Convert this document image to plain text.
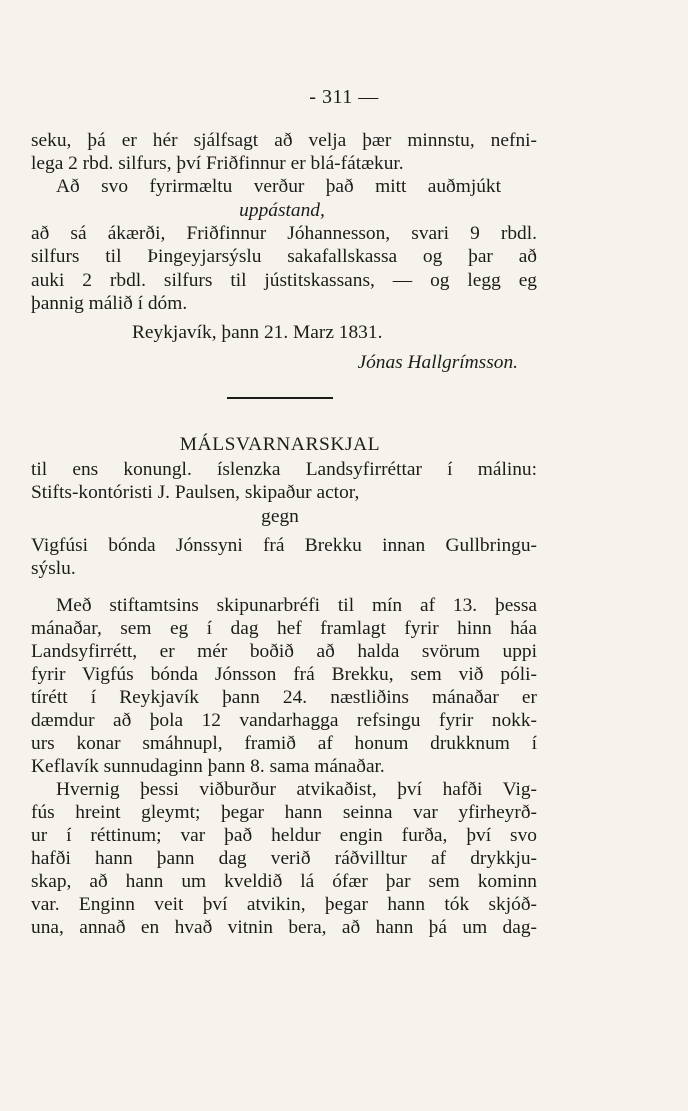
- 311 —
seku, þá er hér sjálfsagt að velja þær minnstu, nefni-
lega 2 rbd. silfurs, því Friðfinnur er blá-fátækur.
Að svo fyrirmæltu verður það mitt auðmjúkt
uppástand,
að sá ákærði, Friðfinnur Jóhannesson, svari 9 rbdl.
silfurs til Þingeyjarsýslu sakafallskassa og þar að
auki 2 rbdl. silfurs til jústitskassans, — og legg eg
þannig málið í dóm.
Reykjavík, þann 21. Marz 1831.
Jónas Hallgrímsson.
MÁLSVARNARSKJAL
til ens konungl. íslenzka Landsyfirréttar í málinu:
Stifts-kontóristi J. Paulsen, skipaður actor,
gegn
Vigfúsi bónda Jónssyni frá Brekku innan Gullbringu-
sýslu.
Með stiftamtsins skipunarbréfi til mín af 13. þessa
mánaðar, sem eg í dag hef framlagt fyrir hinn háa
Landsyfirrétt, er mér boðið að halda svörum uppi
fyrir Vigfús bónda Jónsson frá Brekku, sem við póli-
tírétt í Reykjavík þann 24. næstliðins mánaðar er
dæmdur að þola 12 vandarhagga refsingu fyrir nokk-
urs konar smáhnupl, framið af honum drukknum í
Keflavík sunnudaginn þann 8. sama mánaðar.
Hvernig þessi viðburður atvikaðist, því hafði Vig-
fús hreint gleymt; þegar hann seinna var yfirheyrð-
ur í réttinum; var það heldur engin furða, því svo
hafði hann þann dag verið ráðvilltur af drykkju-
skap, að hann um kveldið lá ófær þar sem kominn
var. Enginn veit því atvikin, þegar hann tók skjóð-
una, annað en hvað vitnin bera, að hann þá um dag-
